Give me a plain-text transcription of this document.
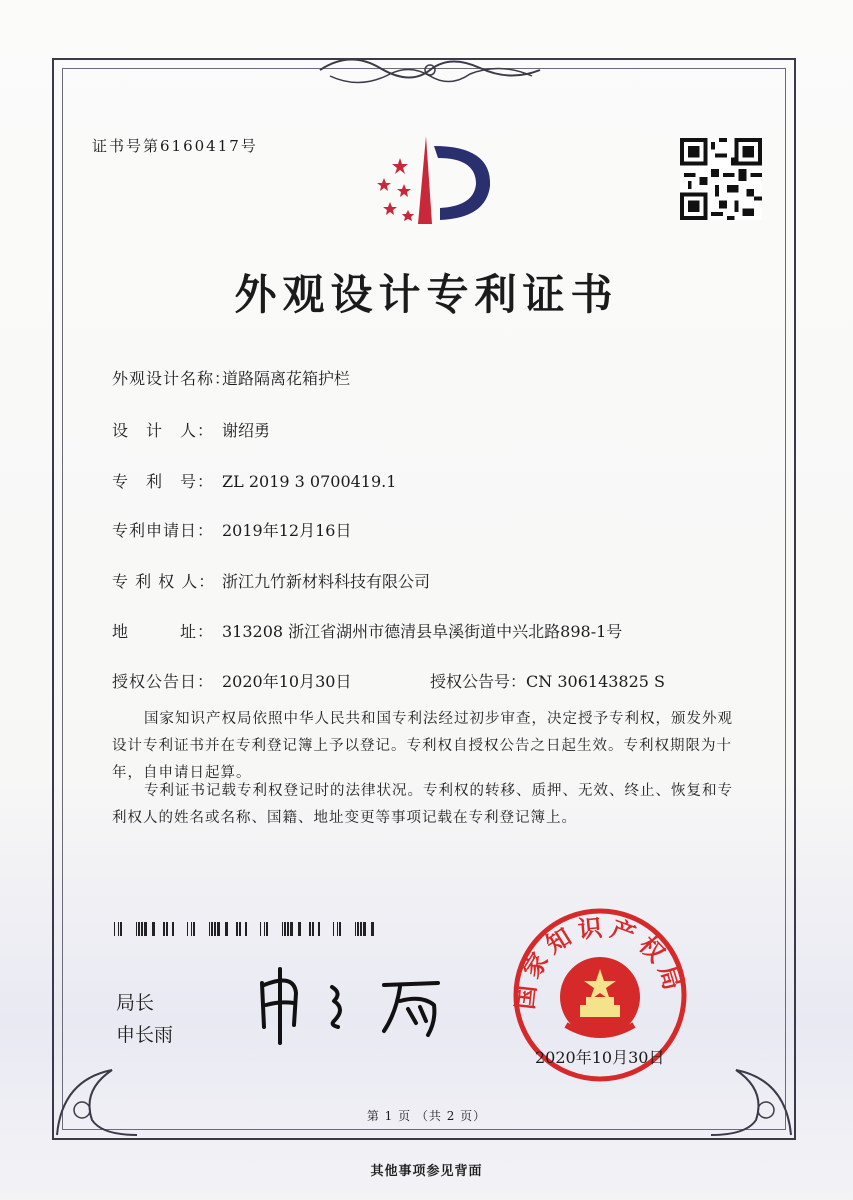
证书号第6160417号
外观设计专利证书
外观设计名称：道路隔离花箱护栏
设　计　人： 谢绍勇
专　利　号： ZL 2019 3 0700419.1
专利申请日： 2019年12月16日
专 利 权 人： 浙江九竹新材料科技有限公司
地　　　址： 313208 浙江省湖州市德清县阜溪街道中兴北路898-1号
授权公告日： 2020年10月30日	授权公告号：CN 306143825 S
国家知识产权局依照中华人民共和国专利法经过初步审查，决定授予专利权，颁发外观设计专利证书并在专利登记簿上予以登记。专利权自授权公告之日起生效。专利权期限为十年，自申请日起算。
专利证书记载专利权登记时的法律状况。专利权的转移、质押、无效、终止、恢复和专利权人的姓名或名称、国籍、地址变更等事项记载在专利登记簿上。
局长
申长雨
国家知识产权局
2020年10月30日
第 1 页 （共 2 页）
其他事项参见背面
